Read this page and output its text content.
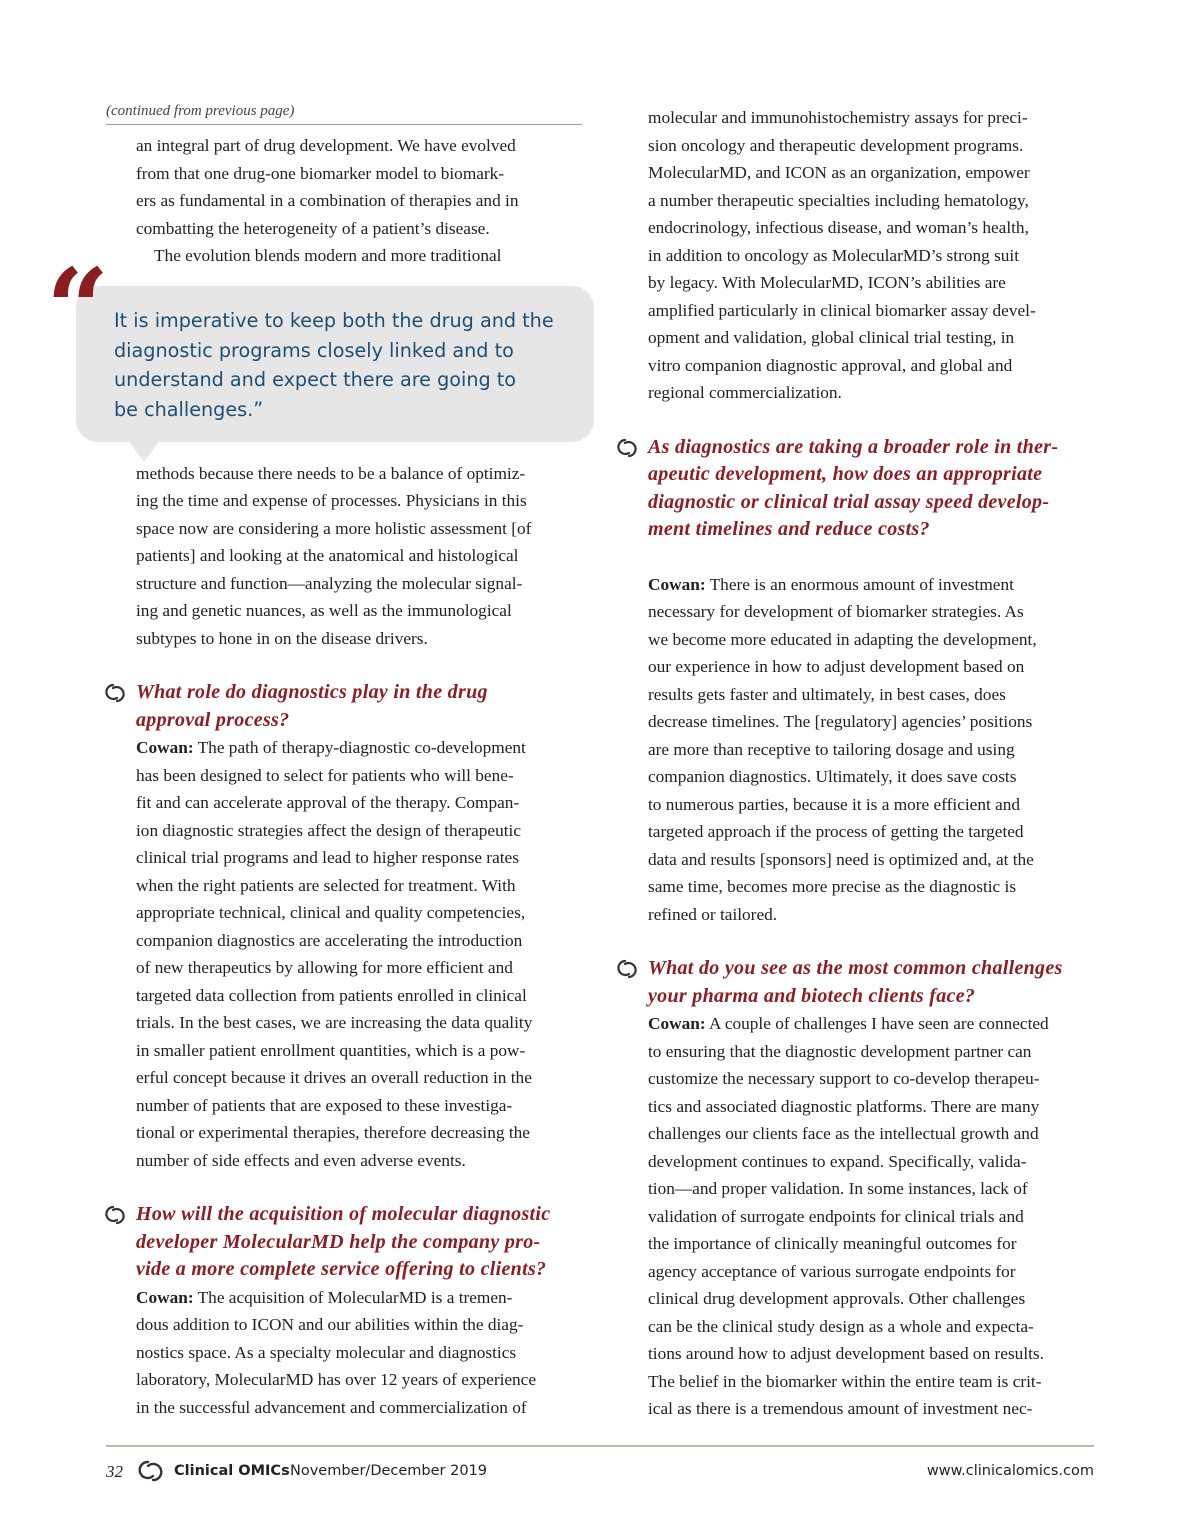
(continued from previous page)
It is imperative to keep both the drug and the
diagnostic programs closely linked and to
understand and expect there are going to
be challenges.”
“

an integral part of drug development. We have evolved
from that one drug-one biomarker model to biomark-
ers as fundamental in a combination of therapies and in
combatting the heterogeneity of a patient’s disease.

The evolution blends modern and more traditional

methods because there needs to be a balance of optimiz-
ing the time and expense of processes. Physicians in this
space now are considering a more holistic assessment [of
patients] and looking at the anatomical and histological
structure and function—analyzing the molecular signal-
ing and genetic nuances, as well as the immunological
subtypes to hone in on the disease drivers.

What role do diagnostics play in the drug
approval process?

Cowan: The path of therapy-diagnostic co-development
has been designed to select for patients who will bene-
fit and can accelerate approval of the therapy. Compan-
ion diagnostic strategies affect the design of therapeutic
clinical trial programs and lead to higher response rates
when the right patients are selected for treatment. With
appropriate technical, clinical and quality competencies,
companion diagnostics are accelerating the introduction
of new therapeutics by allowing for more efficient and
targeted data collection from patients enrolled in clinical
trials. In the best cases, we are increasing the data quality
in smaller patient enrollment quantities, which is a pow-
erful concept because it drives an overall reduction in the
number of patients that are exposed to these investiga-
tional or experimental therapies, therefore decreasing the
number of side effects and even adverse events.

How will the acquisition of molecular diagnostic
developer MolecularMD help the company pro-
vide a more complete service offering to clients?

Cowan: The acquisition of MolecularMD is a tremen-
dous addition to ICON and our abilities within the diag-
nostics space. As a specialty molecular and diagnostics
laboratory, MolecularMD has over 12 years of experience
in the successful advancement and commercialization of

molecular and immunohistochemistry assays for preci-
sion oncology and therapeutic development programs.
MolecularMD, and ICON as an organization, empower
a number therapeutic specialties including hematology,
endocrinology, infectious disease, and woman’s health,
in addition to oncology as MolecularMD’s strong suit
by legacy. With MolecularMD, ICON’s abilities are
amplified particularly in clinical biomarker assay devel-
opment and validation, global clinical trial testing, in
vitro companion diagnostic approval, and global and
regional commercialization.

As diagnostics are taking a broader role in ther-
apeutic development, how does an appropriate
diagnostic or clinical trial assay speed develop-
ment timelines and reduce costs?

Cowan: There is an enormous amount of investment
necessary for development of biomarker strategies. As
we become more educated in adapting the development,
our experience in how to adjust development based on
results gets faster and ultimately, in best cases, does
decrease timelines. The [regulatory] agencies’ positions
are more than receptive to tailoring dosage and using
companion diagnostics. Ultimately, it does save costs
to numerous parties, because it is a more efficient and
targeted approach if the process of getting the targeted
data and results [sponsors] need is optimized and, at the
same time, becomes more precise as the diagnostic is
refined or tailored.

What do you see as the most common challenges
your pharma and biotech clients face?

Cowan: A couple of challenges I have seen are connected
to ensuring that the diagnostic development partner can
customize the necessary support to co-develop therapeu-
tics and associated diagnostic platforms. There are many
challenges our clients face as the intellectual growth and
development continues to expand. Specifically, valida-
tion—and proper validation. In some instances, lack of
validation of surrogate endpoints for clinical trials and
the importance of clinically meaningful outcomes for
agency acceptance of various surrogate endpoints for
clinical drug development approvals. Other challenges
can be the clinical study design as a whole and expecta-
tions around how to adjust development based on results.
The belief in the biomarker within the entire team is crit-
ical as there is a tremendous amount of investment nec-

32	Clinical OMICs November/December 2019	www.clinicalomics.com
